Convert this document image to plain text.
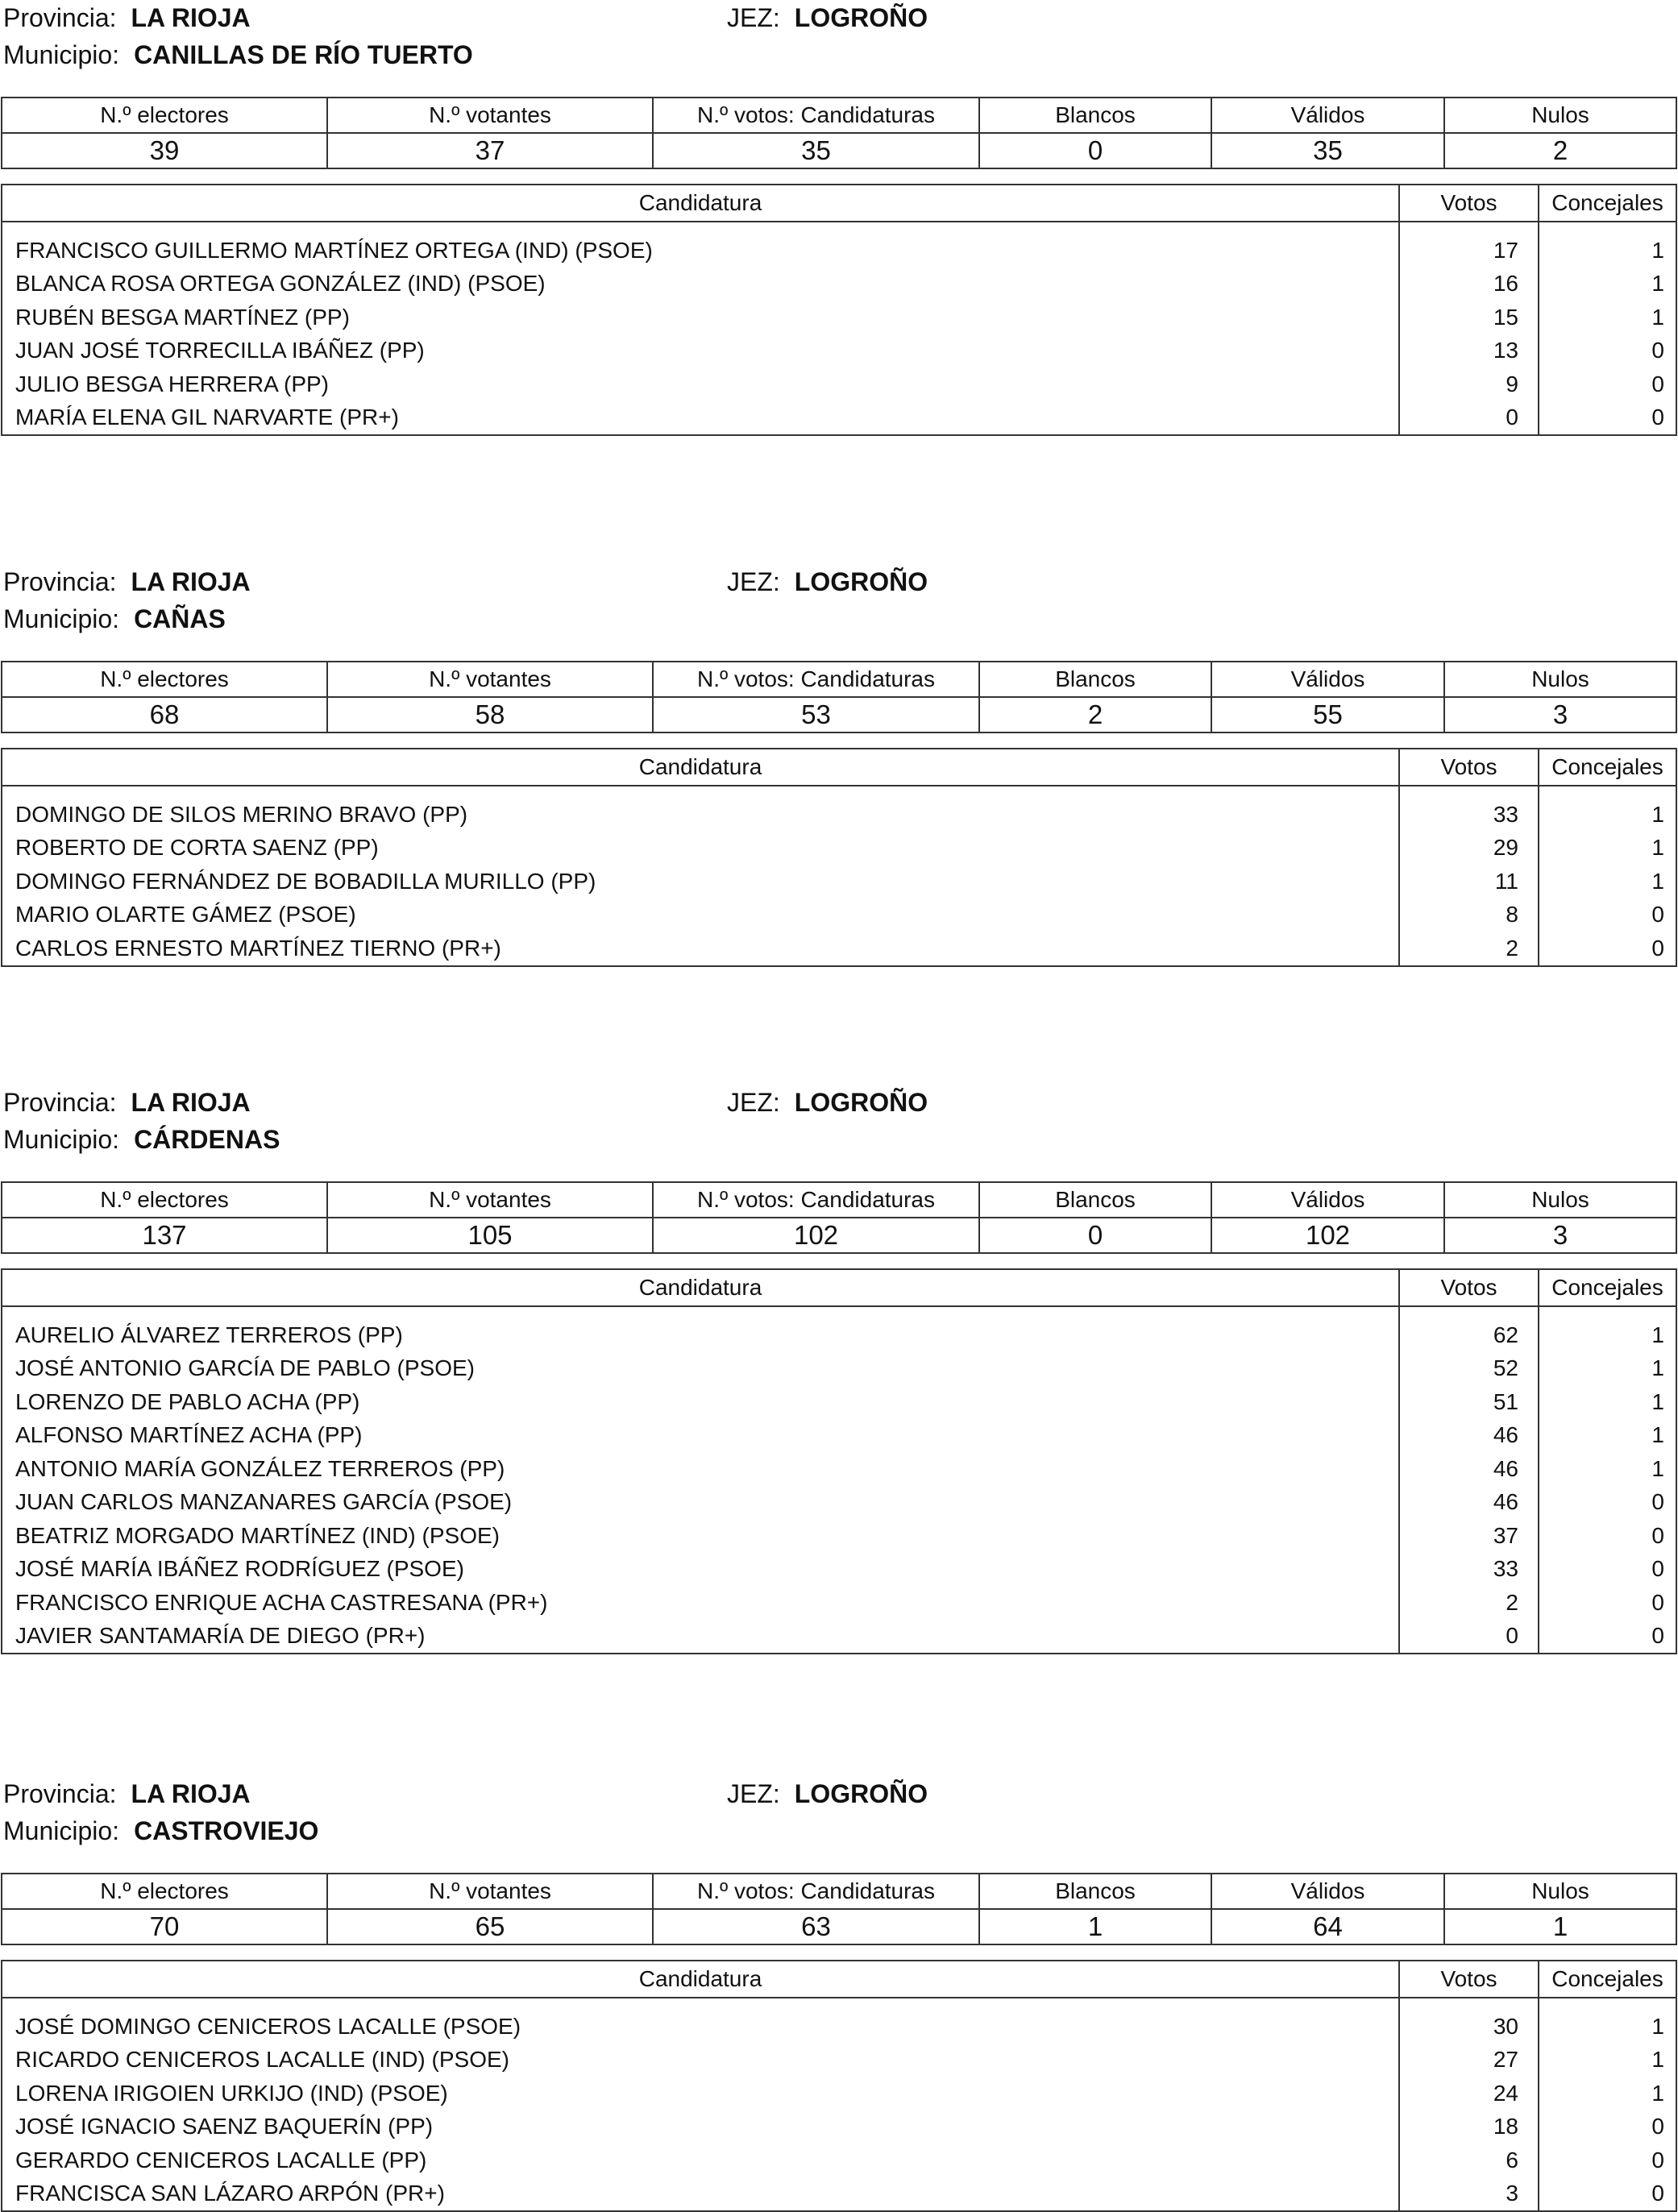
Provincia: LA RIOJA	JEZ: LOGROÑO
Municipio: CANILLAS DE RÍO TUERTO
N.º electores	N.º votantes	N.º votos: Candidaturas	Blancos	Válidos	Nulos
39	37	35	0	35	2
Candidatura	Votos	Concejales

FRANCISCO GUILLERMO MARTÍNEZ ORTEGA (IND) (PSOE)	17	1
BLANCA ROSA ORTEGA GONZÁLEZ (IND) (PSOE)	16	1
RUBÉN BESGA MARTÍNEZ (PP)	15	1
JUAN JOSÉ TORRECILLA IBÁÑEZ (PP)	13	0
JULIO BESGA HERRERA (PP)	9	0
MARÍA ELENA GIL NARVARTE (PR+)	0	0
Provincia: LA RIOJA	JEZ: LOGROÑO
Municipio: CAÑAS
N.º electores	N.º votantes	N.º votos: Candidaturas	Blancos	Válidos	Nulos
68	58	53	2	55	3
Candidatura	Votos	Concejales

DOMINGO DE SILOS MERINO BRAVO (PP)	33	1
ROBERTO DE CORTA SAENZ (PP)	29	1
DOMINGO FERNÁNDEZ DE BOBADILLA MURILLO (PP)	11	1
MARIO OLARTE GÁMEZ (PSOE)	8	0
CARLOS ERNESTO MARTÍNEZ TIERNO (PR+)	2	0
Provincia: LA RIOJA	JEZ: LOGROÑO
Municipio: CÁRDENAS
N.º electores	N.º votantes	N.º votos: Candidaturas	Blancos	Válidos	Nulos
137	105	102	0	102	3
Candidatura	Votos	Concejales

AURELIO ÁLVAREZ TERREROS (PP)	62	1
JOSÉ ANTONIO GARCÍA DE PABLO (PSOE)	52	1
LORENZO DE PABLO ACHA (PP)	51	1
ALFONSO MARTÍNEZ ACHA (PP)	46	1
ANTONIO MARÍA GONZÁLEZ TERREROS (PP)	46	1
JUAN CARLOS MANZANARES GARCÍA (PSOE)	46	0
BEATRIZ MORGADO MARTÍNEZ (IND) (PSOE)	37	0
JOSÉ MARÍA IBÁÑEZ RODRÍGUEZ (PSOE)	33	0
FRANCISCO ENRIQUE ACHA CASTRESANA (PR+)	2	0
JAVIER SANTAMARÍA DE DIEGO (PR+)	0	0
Provincia: LA RIOJA	JEZ: LOGROÑO
Municipio: CASTROVIEJO
N.º electores	N.º votantes	N.º votos: Candidaturas	Blancos	Válidos	Nulos
70	65	63	1	64	1
Candidatura	Votos	Concejales

JOSÉ DOMINGO CENICEROS LACALLE (PSOE)	30	1
RICARDO CENICEROS LACALLE (IND) (PSOE)	27	1
LORENA IRIGOIEN URKIJO (IND) (PSOE)	24	1
JOSÉ IGNACIO SAENZ BAQUERÍN (PP)	18	0
GERARDO CENICEROS LACALLE (PP)	6	0
FRANCISCA SAN LÁZARO ARPÓN (PR+)	3	0
